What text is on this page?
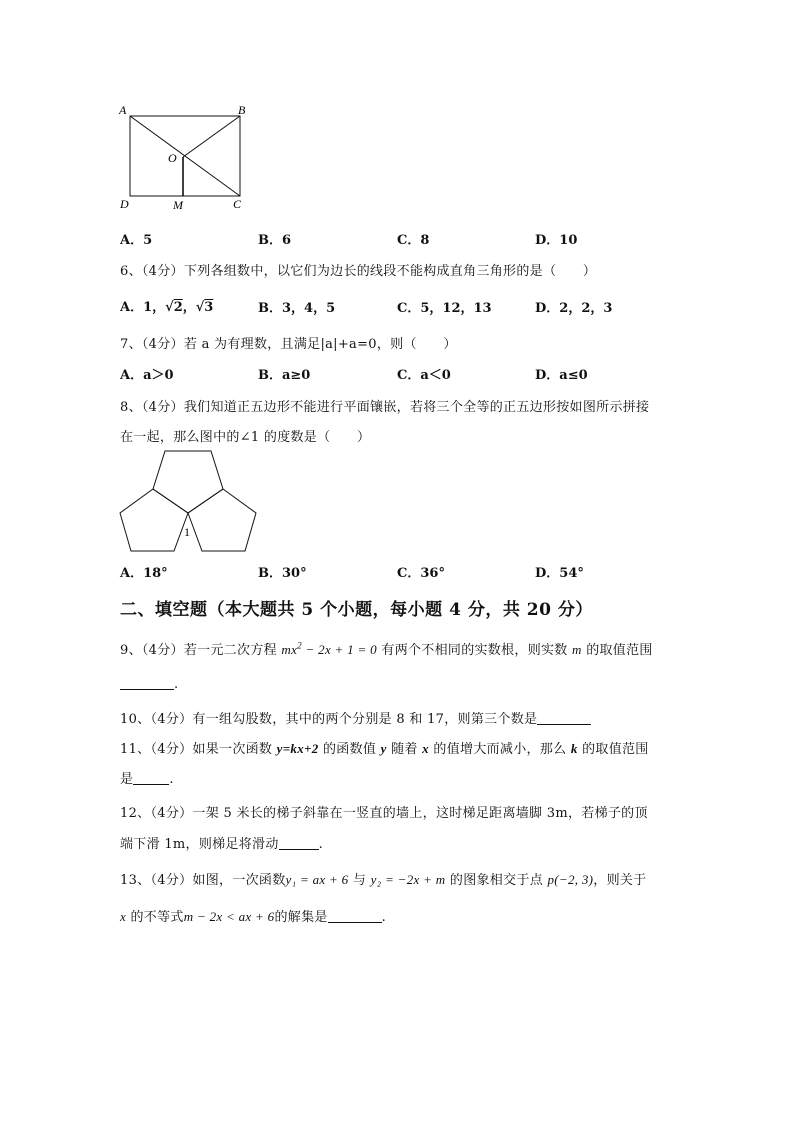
A	B
O
D	M	C
A．5	B．6	C．8	D．10
6、（4分）下列各组数中，以它们为边长的线段不能构成直角三角形的是（　　）
A．1，√2，√3	B．3，4，5	C．5，12，13	D．2，2，3
7、（4分）若 a 为有理数，且满足|a|+a=0，则（　　）
A．a＞0	B．a≥0	C．a＜0	D．a≤0
8、（4分）我们知道正五边形不能进行平面镶嵌，若将三个全等的正五边形按如图所示拼接
在一起，那么图中的∠1 的度数是（　　）
1
A．18°	B．30°	C．36°	D．54°
二、填空题（本大题共 5 个小题，每小题 4 分，共 20 分）
9、（4分）若一元二次方程 $mx^2 - 2x + 1 = 0$ 有两个不相同的实数根，则实数 m 的取值范围
.
10、（4分）有一组勾股数，其中的两个分别是 8 和 17，则第三个数是
11、（4分）如果一次函数 y=kx+2 的函数值 y 随着 x 的值增大而减小，那么 k 的取值范围
是	.
12、（4分）一架 5 米长的梯子斜靠在一竖直的墙上，这时梯足距离墙脚 3m，若梯子的顶
端下滑 1m，则梯足将滑动	.
13、（4分）如图，一次函数y₁ = ax + 6 与 y₂ = −2x + m 的图象相交于点 p(−2, 3)，则关于
x 的不等式m − 2x < ax + 6的解集是	.
